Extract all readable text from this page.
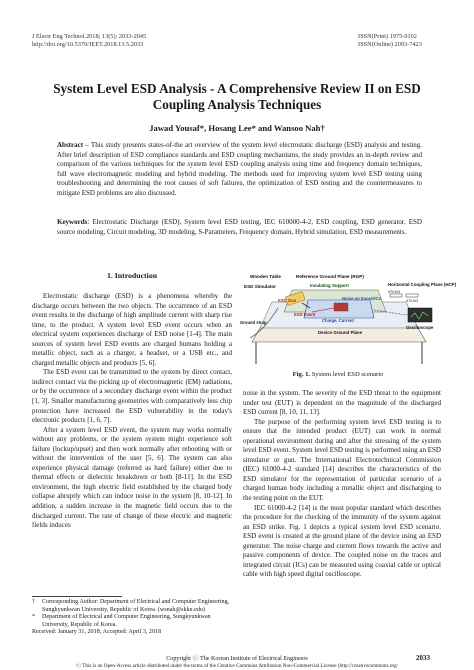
J Electr Eng Technol.2018; 13(5): 2033-2045
http://doi.org/10.5370/JEET.2018.13.5.2033
ISSN(Print) 1975-0102
ISSN(Online) 2093-7423
System Level ESD Analysis - A Comprehensive Review II on ESD
Coupling Analysis Techniques
Jawad Yousaf*, Hosang Lee* and Wansoo Nah†
Abstract – This study presents states-of-the art overview of the system level electrostatic discharge (ESD) analysis and testing. After brief description of ESD compliance standards and ESD coupling mechanisms, the study provides an in-depth review and comparison of the various techniques for the system level ESD coupling analysis using time and frequency domain techniques, full wave electromagnetic modeling and hybrid modeling. The methods used for improving system level ESD testing using troubleshooting and determining the root causes of soft failures, the optimization of ESD testing and the countermeasures to mitigate ESD problems are also discussed.
Keywords: Electrostatic Discharge (ESD), System level ESD testing, IEC 610000-4-2, ESD coupling, ESD generator, ESD source modeling, Circuit modeling, 3D modeling, S-Parameters, Frequency domain, Hybrid simulation, ESD measurements.
1. Introduction

Electrostatic discharge (ESD) is a phenomena whereby the discharge occurs between the two objects. The occurrence of an ESD event results in the discharge of high amplitude current with sharp rise time, to the product. A system level ESD event occurs when an electrical system experiences discharge of ESD noise [1-4]. The main sources of system level ESD events are charged humans holding a metallic object, such as a charger, a headset, or a USB etc., and charged metallic objects and products [5, 6].

The ESD event can be transmitted to the system by direct contact, indirect contact via the picking up of electromagnetic (EM) radiations, or by the occurrence of a secondary discharge event within the product [1, 3]. Smaller manufacturing geometries with comparatively less chip protection have increased the ESD vulnerability in the today's electronic products [1, 6, 7].

After a system level ESD event, the system may works normally without any problems, or the system system might experience soft failure (lockup/upset) and then work normally after rebooting with or without the intervention of the user [5, 6]. The system can also experience physical damage (referred as hard failure) either due to thermal effects or dielectric breakdown or both [8-11]. In the ESD environment, the high electric field established by the charged body collapse abruptly which can induce noise in the system [8, 10-12]. In addition, a sudden increase in the magnetic field occurs due to the discharged current. The rate of change of these electric and magnetic fields induces

Wooden Table	Reference Ground Plane (RGP)
Insulating Support	Horizontal Coupling Plane (HCP)
ESD Simulator
ESD Gun
ESD Event
Ground strap
Noise on traces/ICs
Charge, Current
Device Ground Plane
Oscilloscope
470 kΩ
470 kΩ
Fig. 1. System level ESD scenario

noise in the system. The severity of the ESD threat to the equipment under test (EUT) is dependent on the magnitude of the discharged ESD current [8, 10, 11, 13].

The purpose of the performing system level ESD testing is to ensure that the intended product (EUT) can work in normal operational environment during and after the stressing of the system level ESD event. System level ESD testing is performed using an ESD simulator or gun. The International Electrotechnical Commission (IEC) 61000-4-2 standard [14] describes the characteristics of the ESD simulator for the representation of particular scenario of a charged human body including a metallic object and discharging to the testing point on the EUT.

IEC 61000-4-2 [14] is the most popular standard which describes the procedure for the checking of the immunity of the system against an ESD strike. Fig. 1 depicts a typical system level ESD scenario. ESD event is created at the ground plane of the device using an ESD generator. The noise charge and current flows towards the active and passive components of device. The coupled noise on the traces and integrated circuit (ICs) can be measured using coaxial cable or optical cable with high speed digital oscilloscope.

† Corresponding Author: Department of Electrical and Computer Engineering, Sungkyunkwan University, Republic of Korea. (wsnah@skku.edu)
* Department of Electrical and Computer Engineering, Sungkyunkwan University, Republic of Korea.
Received: January 31, 2018; Accepted: April 3, 2018
2033
Copyright ⓒ The Korean Institute of Electrical Engineers
ⓒ This is an Open-Access article distributed under the terms of the Creative Commons Attribution Non-Commercial License (http://creativecommons.org/
